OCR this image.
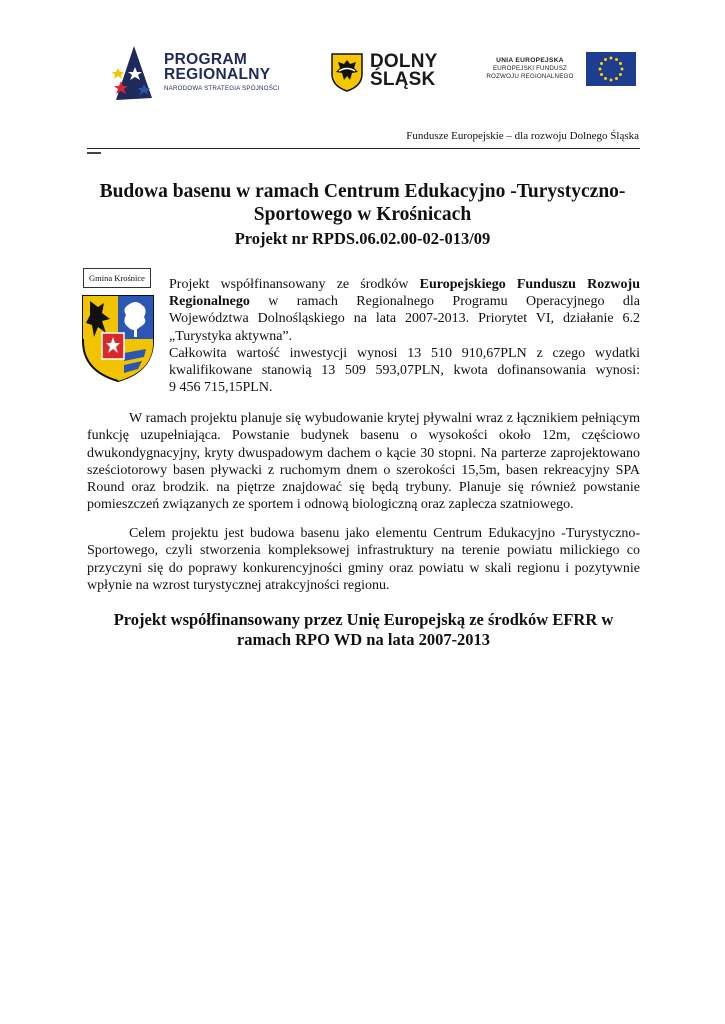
PROGRAM
REGIONALNY
NARODOWA STRATEGIA SPÓJNOŚCI
DOLNY
ŚLĄSK
UNIA EUROPEJSKA
EUROPEJSKI FUNDUSZ
ROZWOJU REGIONALNEGO
Fundusze Europejskie – dla rozwoju Dolnego Śląska
Budowa basenu w ramach Centrum Edukacyjno -Turystyczno-
Sportowego w Krośnicach
Projekt nr RPDS.06.02.00-02-013/09
Gmina Krośnice	Projekt współfinansowany ze środków Europejskiego Funduszu Rozwoju

Regionalnego w ramach Regionalnego Programu Operacyjnego dla

Województwa Dolnośląskiego na lata 2007-2013. Priorytet VI, działanie 6.2

„Turystyka aktywna”.

Całkowita wartość inwestycji wynosi 13 510 910,67PLN z czego wydatki

kwalifikowane stanowią 13 509 593,07PLN, kwota dofinansowania wynosi:

9 456 715,15PLN.

W ramach projektu planuje się wybudowanie krytej pływalni wraz z łącznikiem pełniącym
funkcję uzupełniająca. Powstanie budynek basenu o wysokości około 12m, częściowo
dwukondygnacyjny, kryty dwuspadowym dachem o kącie 30 stopni. Na parterze zaprojektowano
sześciotorowy basen pływacki z ruchomym dnem o szerokości 15,5m, basen rekreacyjny SPA
Round oraz brodzik. na piętrze znajdować się będą trybuny. Planuje się również powstanie
pomieszczeń związanych ze sportem i odnową biologiczną oraz zaplecza szatniowego.
Celem projektu jest budowa basenu jako elementu Centrum Edukacyjno -Turystyczno-
Sportowego, czyli stworzenia kompleksowej infrastruktury na terenie powiatu milickiego co
przyczyni się do poprawy konkurencyjności gminy oraz powiatu w skali regionu i pozytywnie
wpłynie na wzrost turystycznej atrakcyjności regionu.
Projekt współfinansowany przez Unię Europejską ze środków EFRR w
ramach RPO WD na lata 2007-2013
